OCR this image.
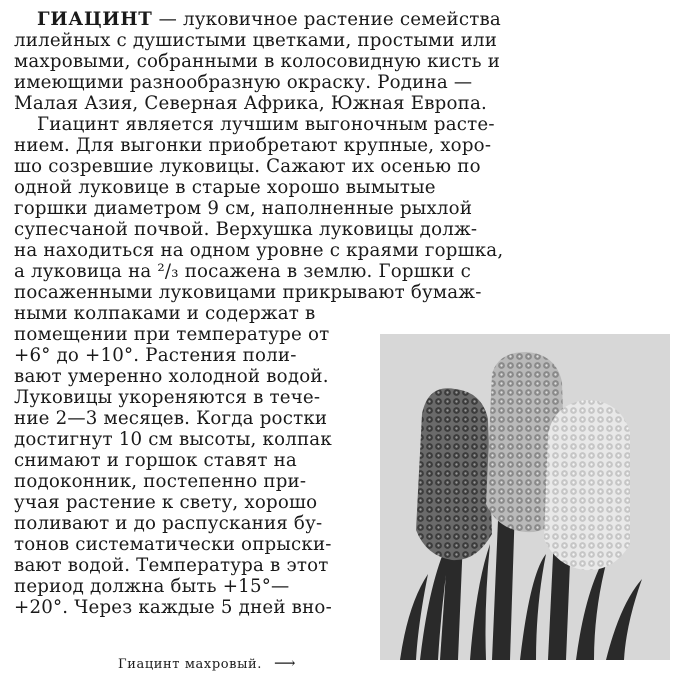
ГИАЦИНТ — луковичное растение семейства
лилейных с душистыми цветками, простыми или
махровыми, собранными в колосовидную кисть и
имеющими разнообразную окраску. Родина —
Малая Азия, Северная Африка, Южная Европа.
Гиацинт является лучшим выгоночным расте-
нием. Для выгонки приобретают крупные, хоро-
шо созревшие луковицы. Сажают их осенью по
одной луковице в старые хорошо вымытые
горшки диаметром 9 см, наполненные рыхлой
супесчаной почвой. Верхушка луковицы долж-
на находиться на одном уровне с краями горшка,
а луковица на ²/₃ посажена в землю. Горшки с
посаженными луковицами прикрывают бумаж-
ными колпаками и содержат в
помещении при температуре от
+6° до +10°. Растения поли-
вают умеренно холодной водой.
Луковицы укореняются в тече-
ние 2—3 месяцев. Когда ростки
достигнут 10 см высоты, колпак
снимают и горшок ставят на
подоконник, постепенно при-
учая растение к свету, хорошо
поливают и до распускания бу-
тонов систематически опрыски-
вают водой. Температура в этот
период должна быть +15°—
+20°. Через каждые 5 дней вно-
Гиацинт махровый. ⟶
